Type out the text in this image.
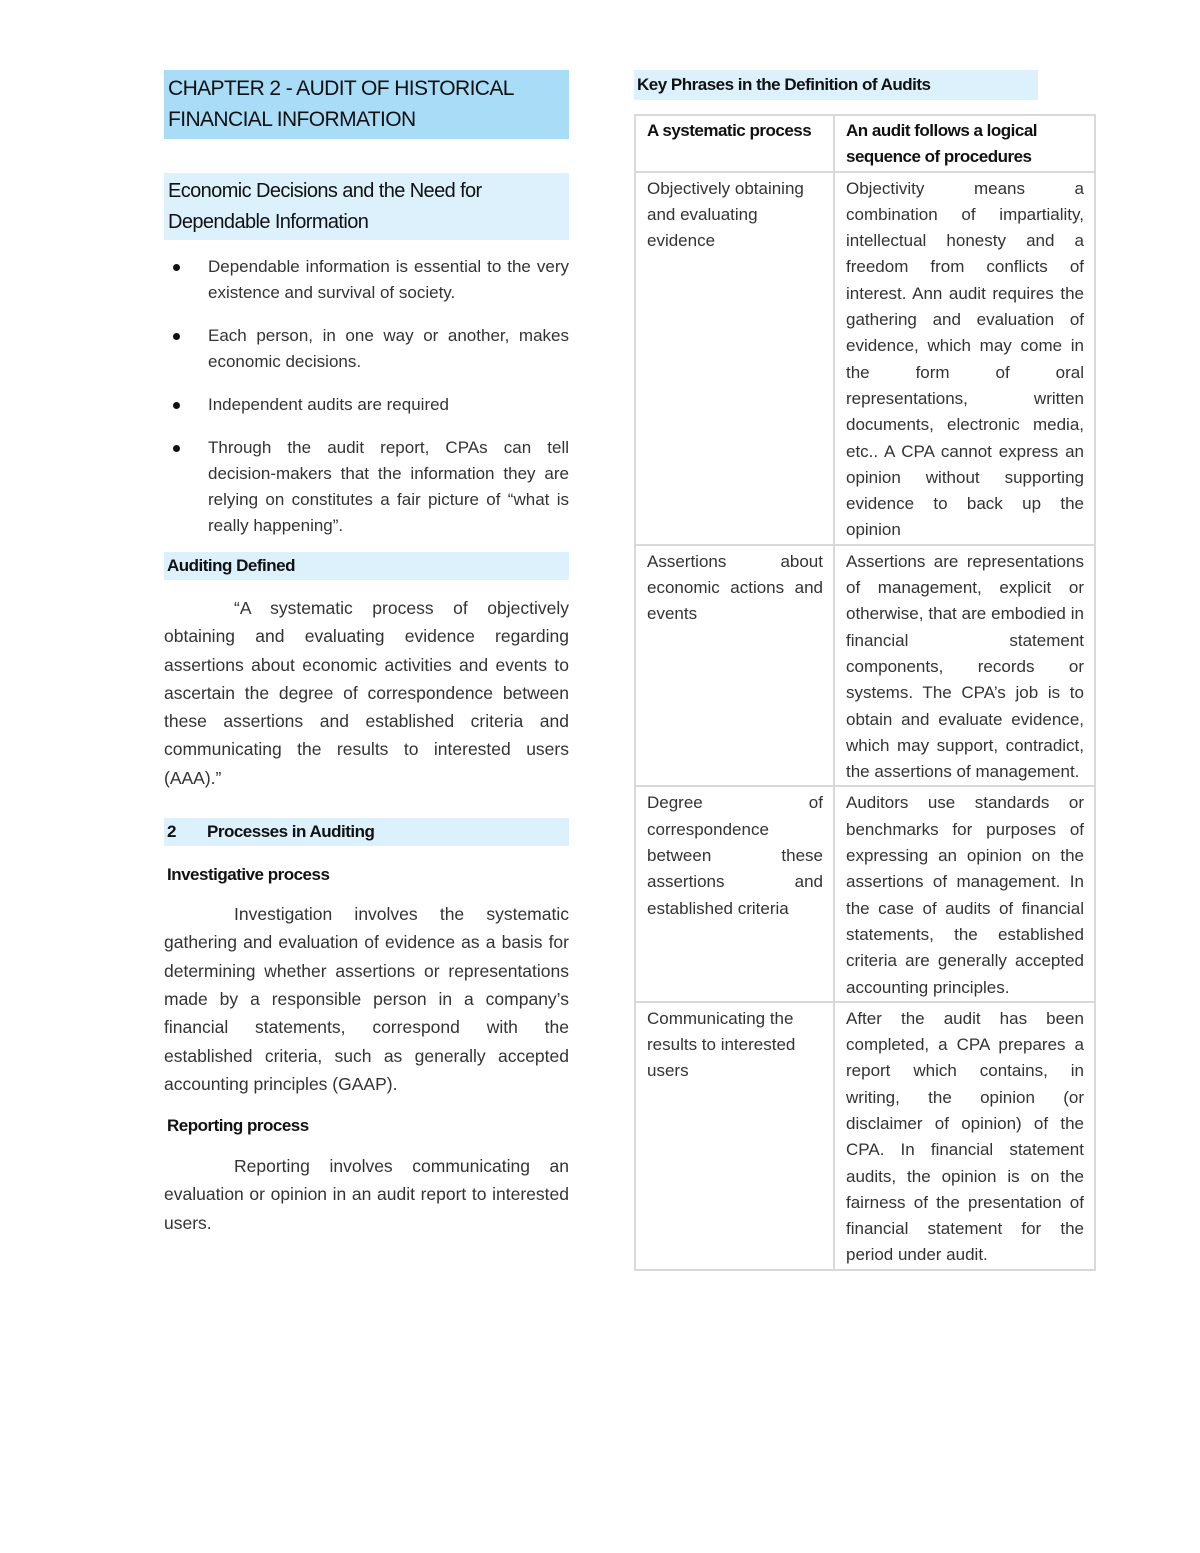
CHAPTER 2 - AUDIT OF HISTORICAL FINANCIAL INFORMATION
Economic Decisions and the Need for Dependable Information
Dependable information is essential to the very existence and survival of society.
Each person, in one way or another, makes economic decisions.
Independent audits are required
Through the audit report, CPAs can tell decision-makers that the information they are relying on constitutes a fair picture of “what is really happening”.
Auditing Defined

“A systematic process of objectively obtaining and evaluating evidence regarding assertions about economic activities and events to ascertain the degree of correspondence between these assertions and established criteria and communicating the results to interested users (AAA).”

2 Processes in Auditing
Investigative process

Investigation involves the systematic gathering and evaluation of evidence as a basis for determining whether assertions or representations made by a responsible person in a company’s financial statements, correspond with the established criteria, such as generally accepted accounting principles (GAAP).

Reporting process

Reporting involves communicating an evaluation or opinion in an audit report to interested users.

Key Phrases in the Definition of Audits
A systematic process	An audit follows a logical sequence of procedures
Objectively obtaining and evaluating evidence	Objectivity means a combination of impartiality, intellectual honesty and a freedom from conflicts of interest. Ann audit requires the gathering and evaluation of evidence, which may come in the form of oral representations, written documents, electronic media, etc.. A CPA cannot express an opinion without supporting evidence to back up the opinion
Assertions about economic actions and events	Assertions are representations of management, explicit or otherwise, that are embodied in financial statement components, records or systems. The CPA’s job is to obtain and evaluate evidence, which may support, contradict, the assertions of management.
Degree of correspondence between these assertions and established criteria	Auditors use standards or benchmarks for purposes of expressing an opinion on the assertions of management. In the case of audits of financial statements, the established criteria are generally accepted accounting principles.
Communicating the results to interested users	After the audit has been completed, a CPA prepares a report which contains, in writing, the opinion (or disclaimer of opinion) of the CPA. In financial statement audits, the opinion is on the fairness of the presentation of financial statement for the period under audit.
